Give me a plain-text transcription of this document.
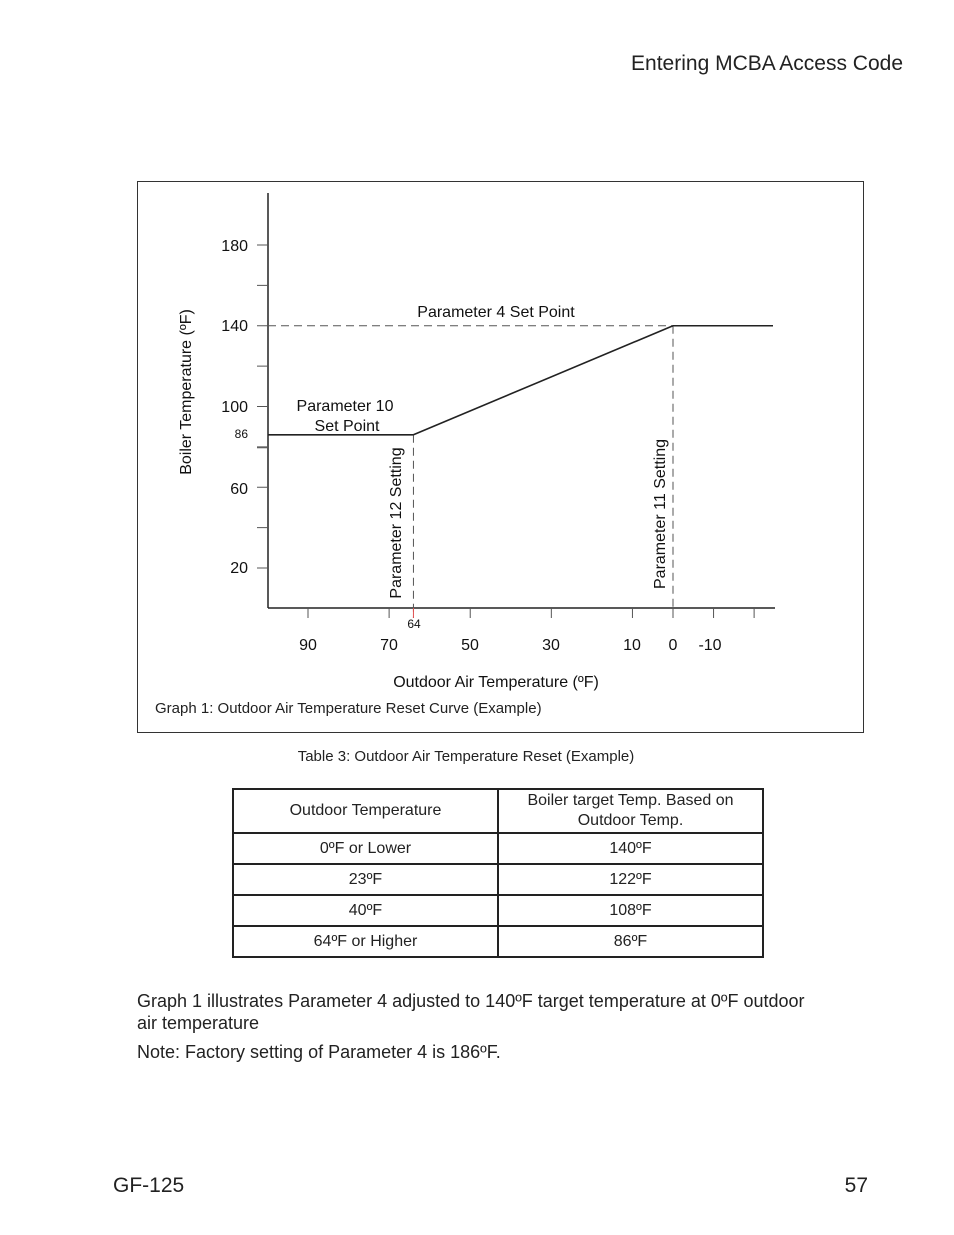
Entering MCBA Access Code
180
140
100
86
60
20
90	70	50	30	10 0 -10
64
Outdoor Air Temperature (ºF)
Boiler Temperature (ºF)	Parameter 4 Set Point
Parameter 10
Set Point
Parameter 12 Setting	Parameter 11 Setting
Graph 1: Outdoor Air Temperature Reset Curve (Example)
Table 3: Outdoor Air Temperature Reset (Example)
Outdoor Temperature	Boiler target Temp. Based on Outdoor Temp.
0ºF or Lower	140ºF
23ºF	122ºF
40ºF	108ºF
64ºF or Higher	86ºF

Graph 1 illustrates Parameter 4 adjusted to 140ºF target temperature at 0ºF outdoor air temperature

Note: Factory setting of Parameter 4 is 186ºF.

GF-125	57
